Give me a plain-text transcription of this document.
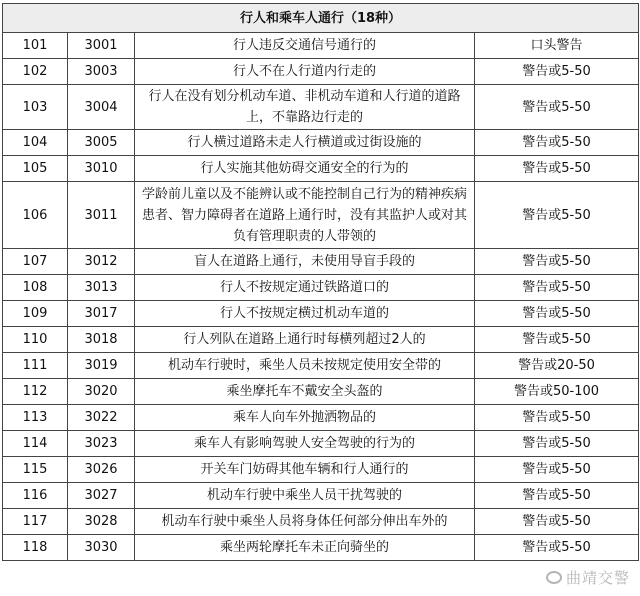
行人和乘车人通行（18种）			
101	3001	行人违反交通信号通行的	口头警告
102	3003	行人不在人行道内行走的	警告或5-50
103	3004	行人在没有划分机动车道、非机动车道和人行道的道路上，不靠路边行走的	警告或5-50
104	3005	行人横过道路未走人行横道或过街设施的	警告或5-50
105	3010	行人实施其他妨碍交通安全的行为的	警告或5-50
106	3011	学龄前儿童以及不能辨认或不能控制自己行为的精神疾病患者、智力障碍者在道路上通行时，没有其监护人或对其负有管理职责的人带领的	警告或5-50
107	3012	盲人在道路上通行，未使用导盲手段的	警告或5-50
108	3013	行人不按规定通过铁路道口的	警告或5-50
109	3017	行人不按规定横过机动车道的	警告或5-50
110	3018	行人列队在道路上通行时每横列超过2人的	警告或5-50
111	3019	机动车行驶时，乘坐人员未按规定使用安全带的	警告或20-50
112	3020	乘坐摩托车不戴安全头盔的	警告或50-100
113	3022	乘车人向车外抛洒物品的	警告或5-50
114	3023	乘车人有影响驾驶人安全驾驶的行为的	警告或5-50
115	3026	开关车门妨碍其他车辆和行人通行的	警告或5-50
116	3027	机动车行驶中乘坐人员干扰驾驶的	警告或5-50
117	3028	机动车行驶中乘坐人员将身体任何部分伸出车外的	警告或5-50
118	3030	乘坐两轮摩托车未正向骑坐的	警告或5-50
曲靖交警
